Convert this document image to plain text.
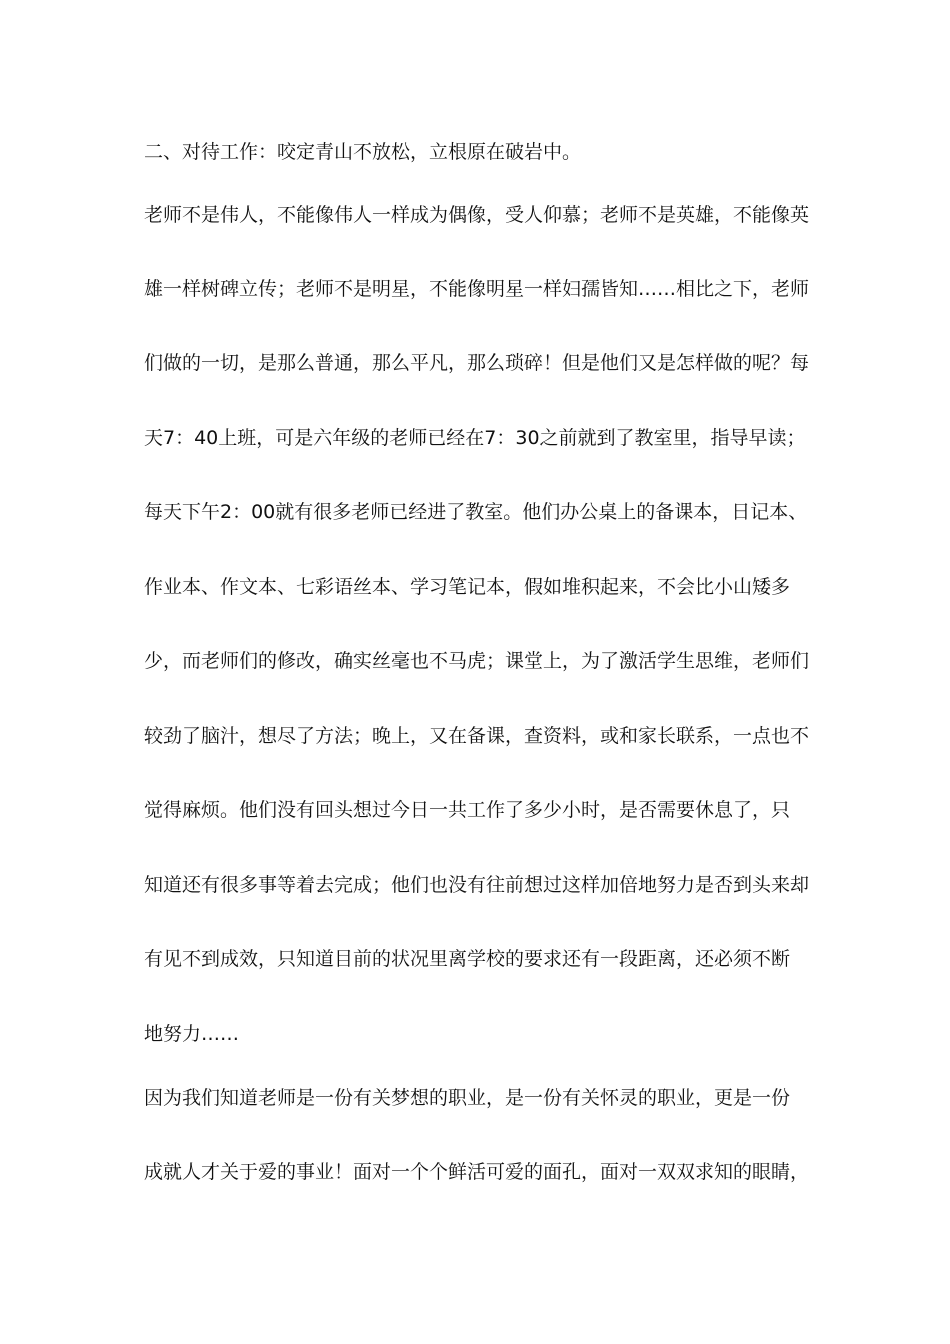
二、对待工作：咬定青山不放松，立根原在破岩中。
老师不是伟人，不能像伟人一样成为偶像，受人仰慕；老师不是英雄，不能像英
雄一样树碑立传；老师不是明星，不能像明星一样妇孺皆知……相比之下，老师
们做的一切，是那么普通，那么平凡，那么琐碎！但是他们又是怎样做的呢？每
天7：40上班，可是六年级的老师已经在7：30之前就到了教室里，指导早读；
每天下午2：00就有很多老师已经进了教室。他们办公桌上的备课本，日记本、
作业本、作文本、七彩语丝本、学习笔记本，假如堆积起来，不会比小山矮多
少，而老师们的修改，确实丝毫也不马虎；课堂上，为了激活学生思维，老师们
较劲了脑汁，想尽了方法；晚上，又在备课，查资料，或和家长联系，一点也不
觉得麻烦。他们没有回头想过今日一共工作了多少小时，是否需要休息了，只
知道还有很多事等着去完成；他们也没有往前想过这样加倍地努力是否到头来却
有见不到成效，只知道目前的状况里离学校的要求还有一段距离，还必须不断
地努力……
因为我们知道老师是一份有关梦想的职业，是一份有关怀灵的职业，更是一份
成就人才关于爱的事业！面对一个个鲜活可爱的面孔，面对一双双求知的眼睛，
